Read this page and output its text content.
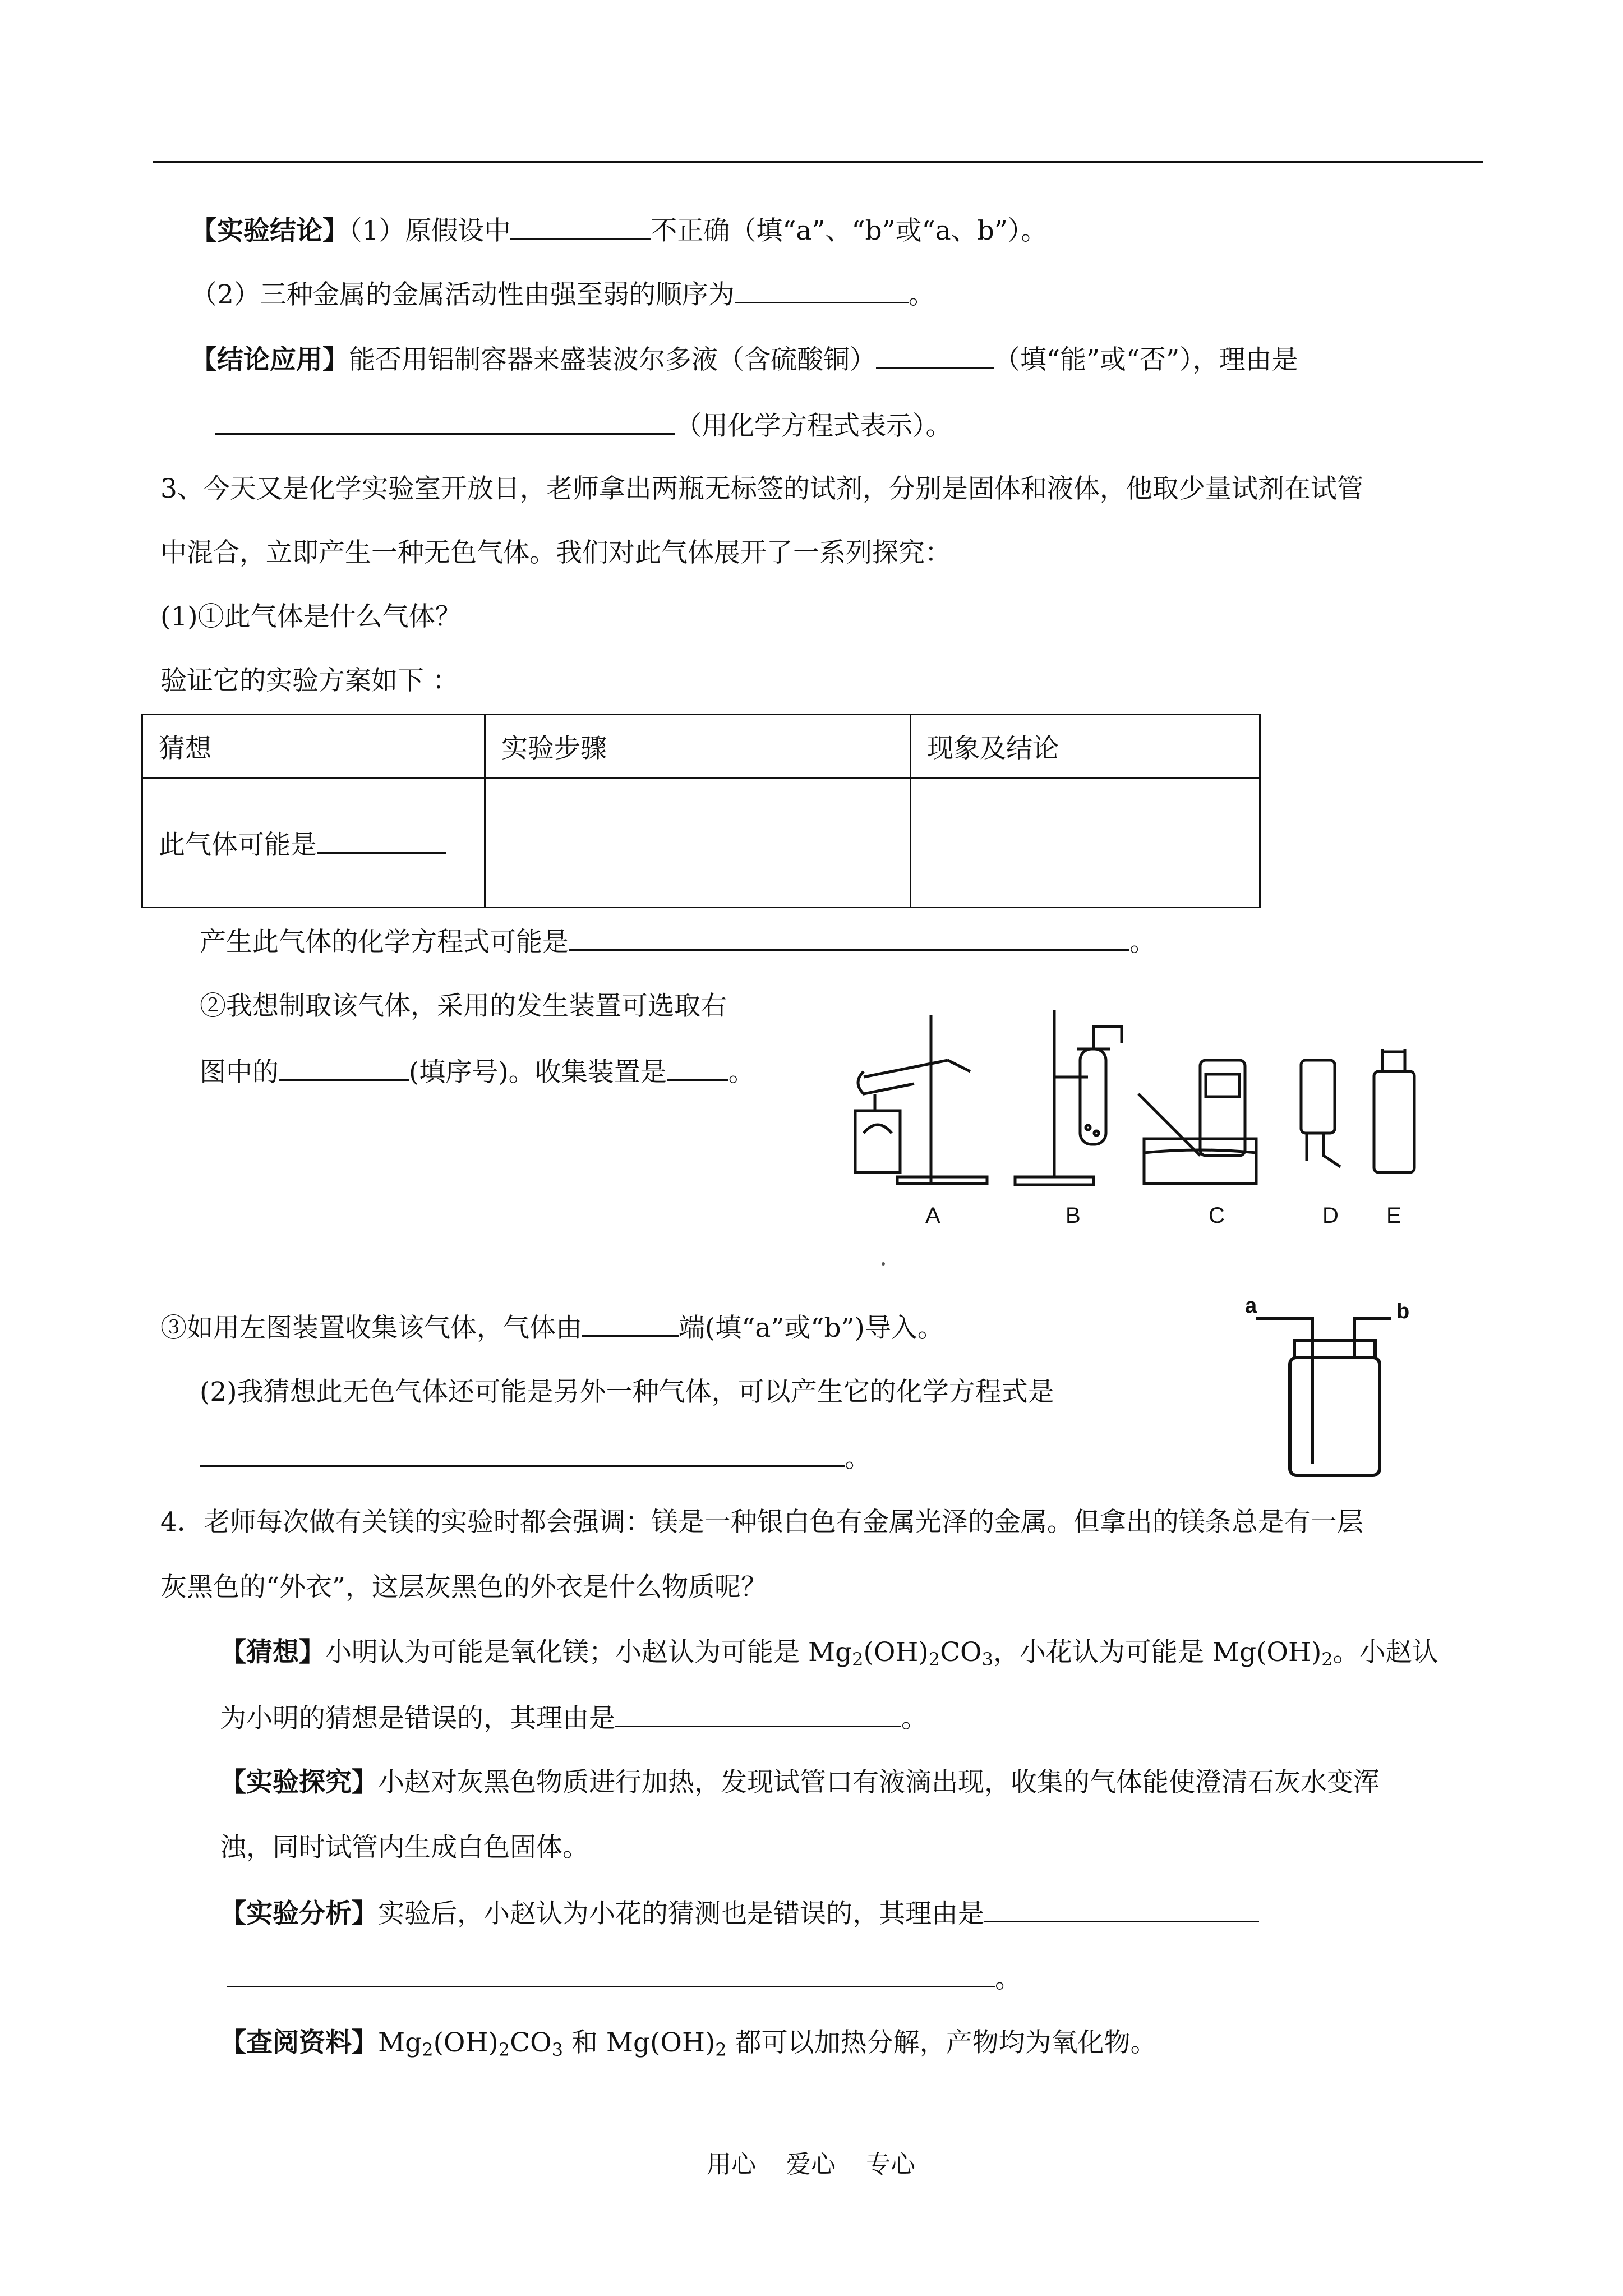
【实验结论】（1）原假设中	不正确（填“a”、“b”或“a、b”）。
（2）三种金属的金属活动性由强至弱的顺序为	。
【结论应用】能否用铝制容器来盛装波尔多液（含硫酸铜）	（填“能”或“否”），理由是
（用化学方程式表示）。
3、今天又是化学实验室开放日，老师拿出两瓶无标签的试剂，分别是固体和液体，他取少量试剂在试管
中混合，立即产生一种无色气体。我们对此气体展开了一系列探究：
(1)①此气体是什么气体？
验证它的实验方案如下 ：
猜想	实验步骤	现象及结论
此气体可能是		
产生此气体的化学方程式可能是	。
②我想制取该气体，采用的发生装置可选取右
图中的	(填序号)。收集装置是 。
A	B	C	D E
③如用左图装置收集该气体，气体由	端(填“a”或“b”)导入。
a	b
(2)我猜想此无色气体还可能是另外一种气体，可以产生它的化学方程式是
。
4．老师每次做有关镁的实验时都会强调：镁是一种银白色有金属光泽的金属。但拿出的镁条总是有一层
灰黑色的“外衣”，这层灰黑色的外衣是什么物质呢？
【猜想】小明认为可能是氧化镁；小赵认为可能是 $Mg_2(OH)_2CO_3$，小花认为可能是 $Mg(OH)_2$。小赵认
为小明的猜想是错误的，其理由是	。
【实验探究】小赵对灰黑色物质进行加热，发现试管口有液滴出现，收集的气体能使澄清石灰水变浑
浊，同时试管内生成白色固体。
【实验分析】实验后，小赵认为小花的猜测也是错误的，其理由是
。
【查阅资料】$Mg_2(OH)_2CO_3$ 和 $Mg(OH)_2$ 都可以加热分解，产物均为氧化物。
用心 爱心 专心
